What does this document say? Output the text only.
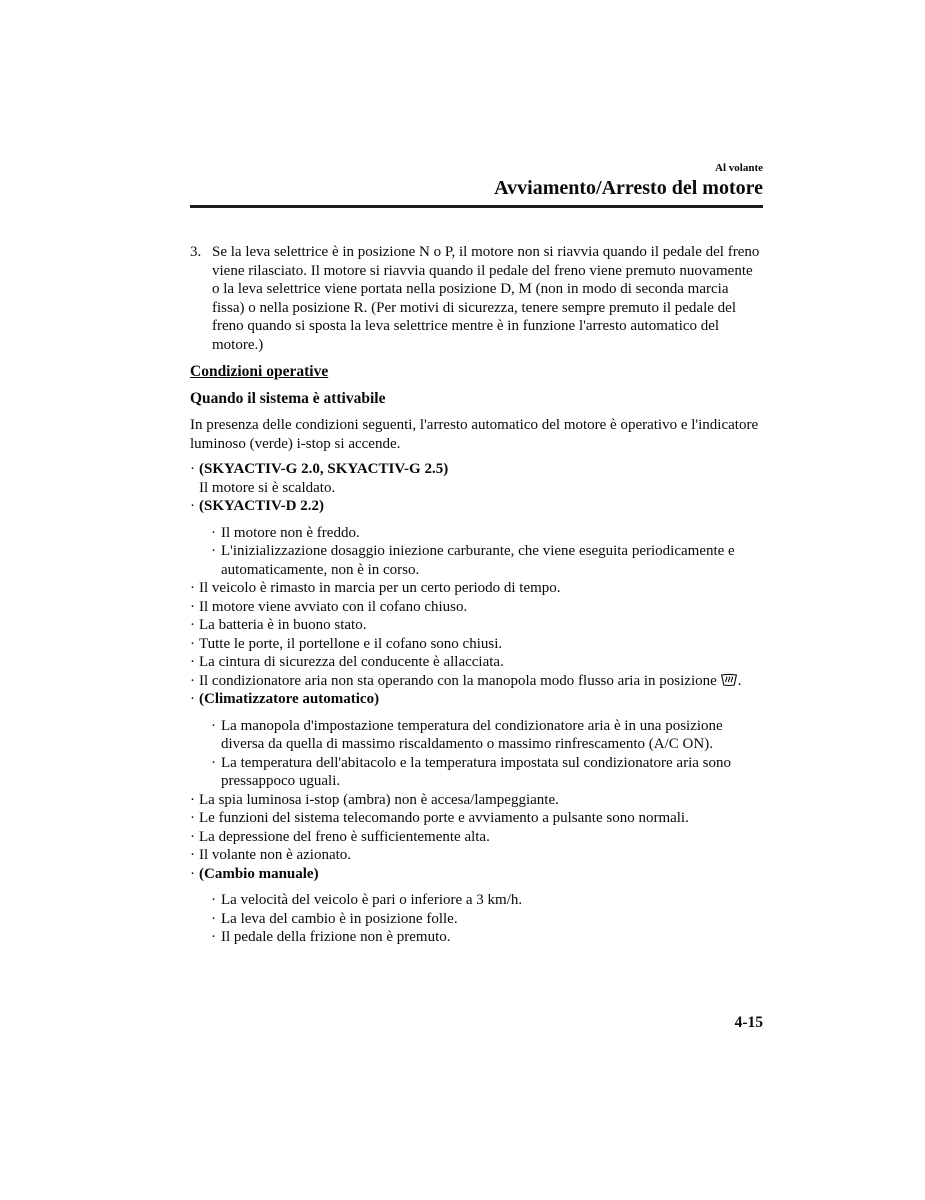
Al volante
Avviamento/Arresto del motore
3. Se la leva selettrice è in posizione N o P, il motore non si riavvia quando il pedale del freno viene rilasciato. Il motore si riavvia quando il pedale del freno viene premuto nuovamente o la leva selettrice viene portata nella posizione D, M (non in modo di seconda marcia fissa) o nella posizione R. (Per motivi di sicurezza, tenere sempre premuto il pedale del freno quando si sposta la leva selettrice mentre è in funzione l'arresto automatico del motore.)
Condizioni operative
Quando il sistema è attivabile

In presenza delle condizioni seguenti, l'arresto automatico del motore è operativo e l'indicatore luminoso (verde) i-stop si accende.

· (SKYACTIV-G 2.0, SKYACTIV-G 2.5)
Il motore si è scaldato.
· (SKYACTIV-D 2.2)
· Il motore non è freddo.
· L'inizializzazione dosaggio iniezione carburante, che viene eseguita periodicamente e automaticamente, non è in corso.
· Il veicolo è rimasto in marcia per un certo periodo di tempo.
· Il motore viene avviato con il cofano chiuso.
· La batteria è in buono stato.
· Tutte le porte, il portellone e il cofano sono chiusi.
· La cintura di sicurezza del conducente è allacciata.
· Il condizionatore aria non sta operando con la manopola modo flusso aria in posizione .
· (Climatizzatore automatico)
· La manopola d'impostazione temperatura del condizionatore aria è in una posizione diversa da quella di massimo riscaldamento o massimo rinfrescamento (A/C ON).
· La temperatura dell'abitacolo e la temperatura impostata sul condizionatore aria sono pressappoco uguali.
· La spia luminosa i-stop (ambra) non è accesa/lampeggiante.
· Le funzioni del sistema telecomando porte e avviamento a pulsante sono normali.
· La depressione del freno è sufficientemente alta.
· Il volante non è azionato.
· (Cambio manuale)
· La velocità del veicolo è pari o inferiore a 3 km/h.
· La leva del cambio è in posizione folle.
· Il pedale della frizione non è premuto.
4-15
